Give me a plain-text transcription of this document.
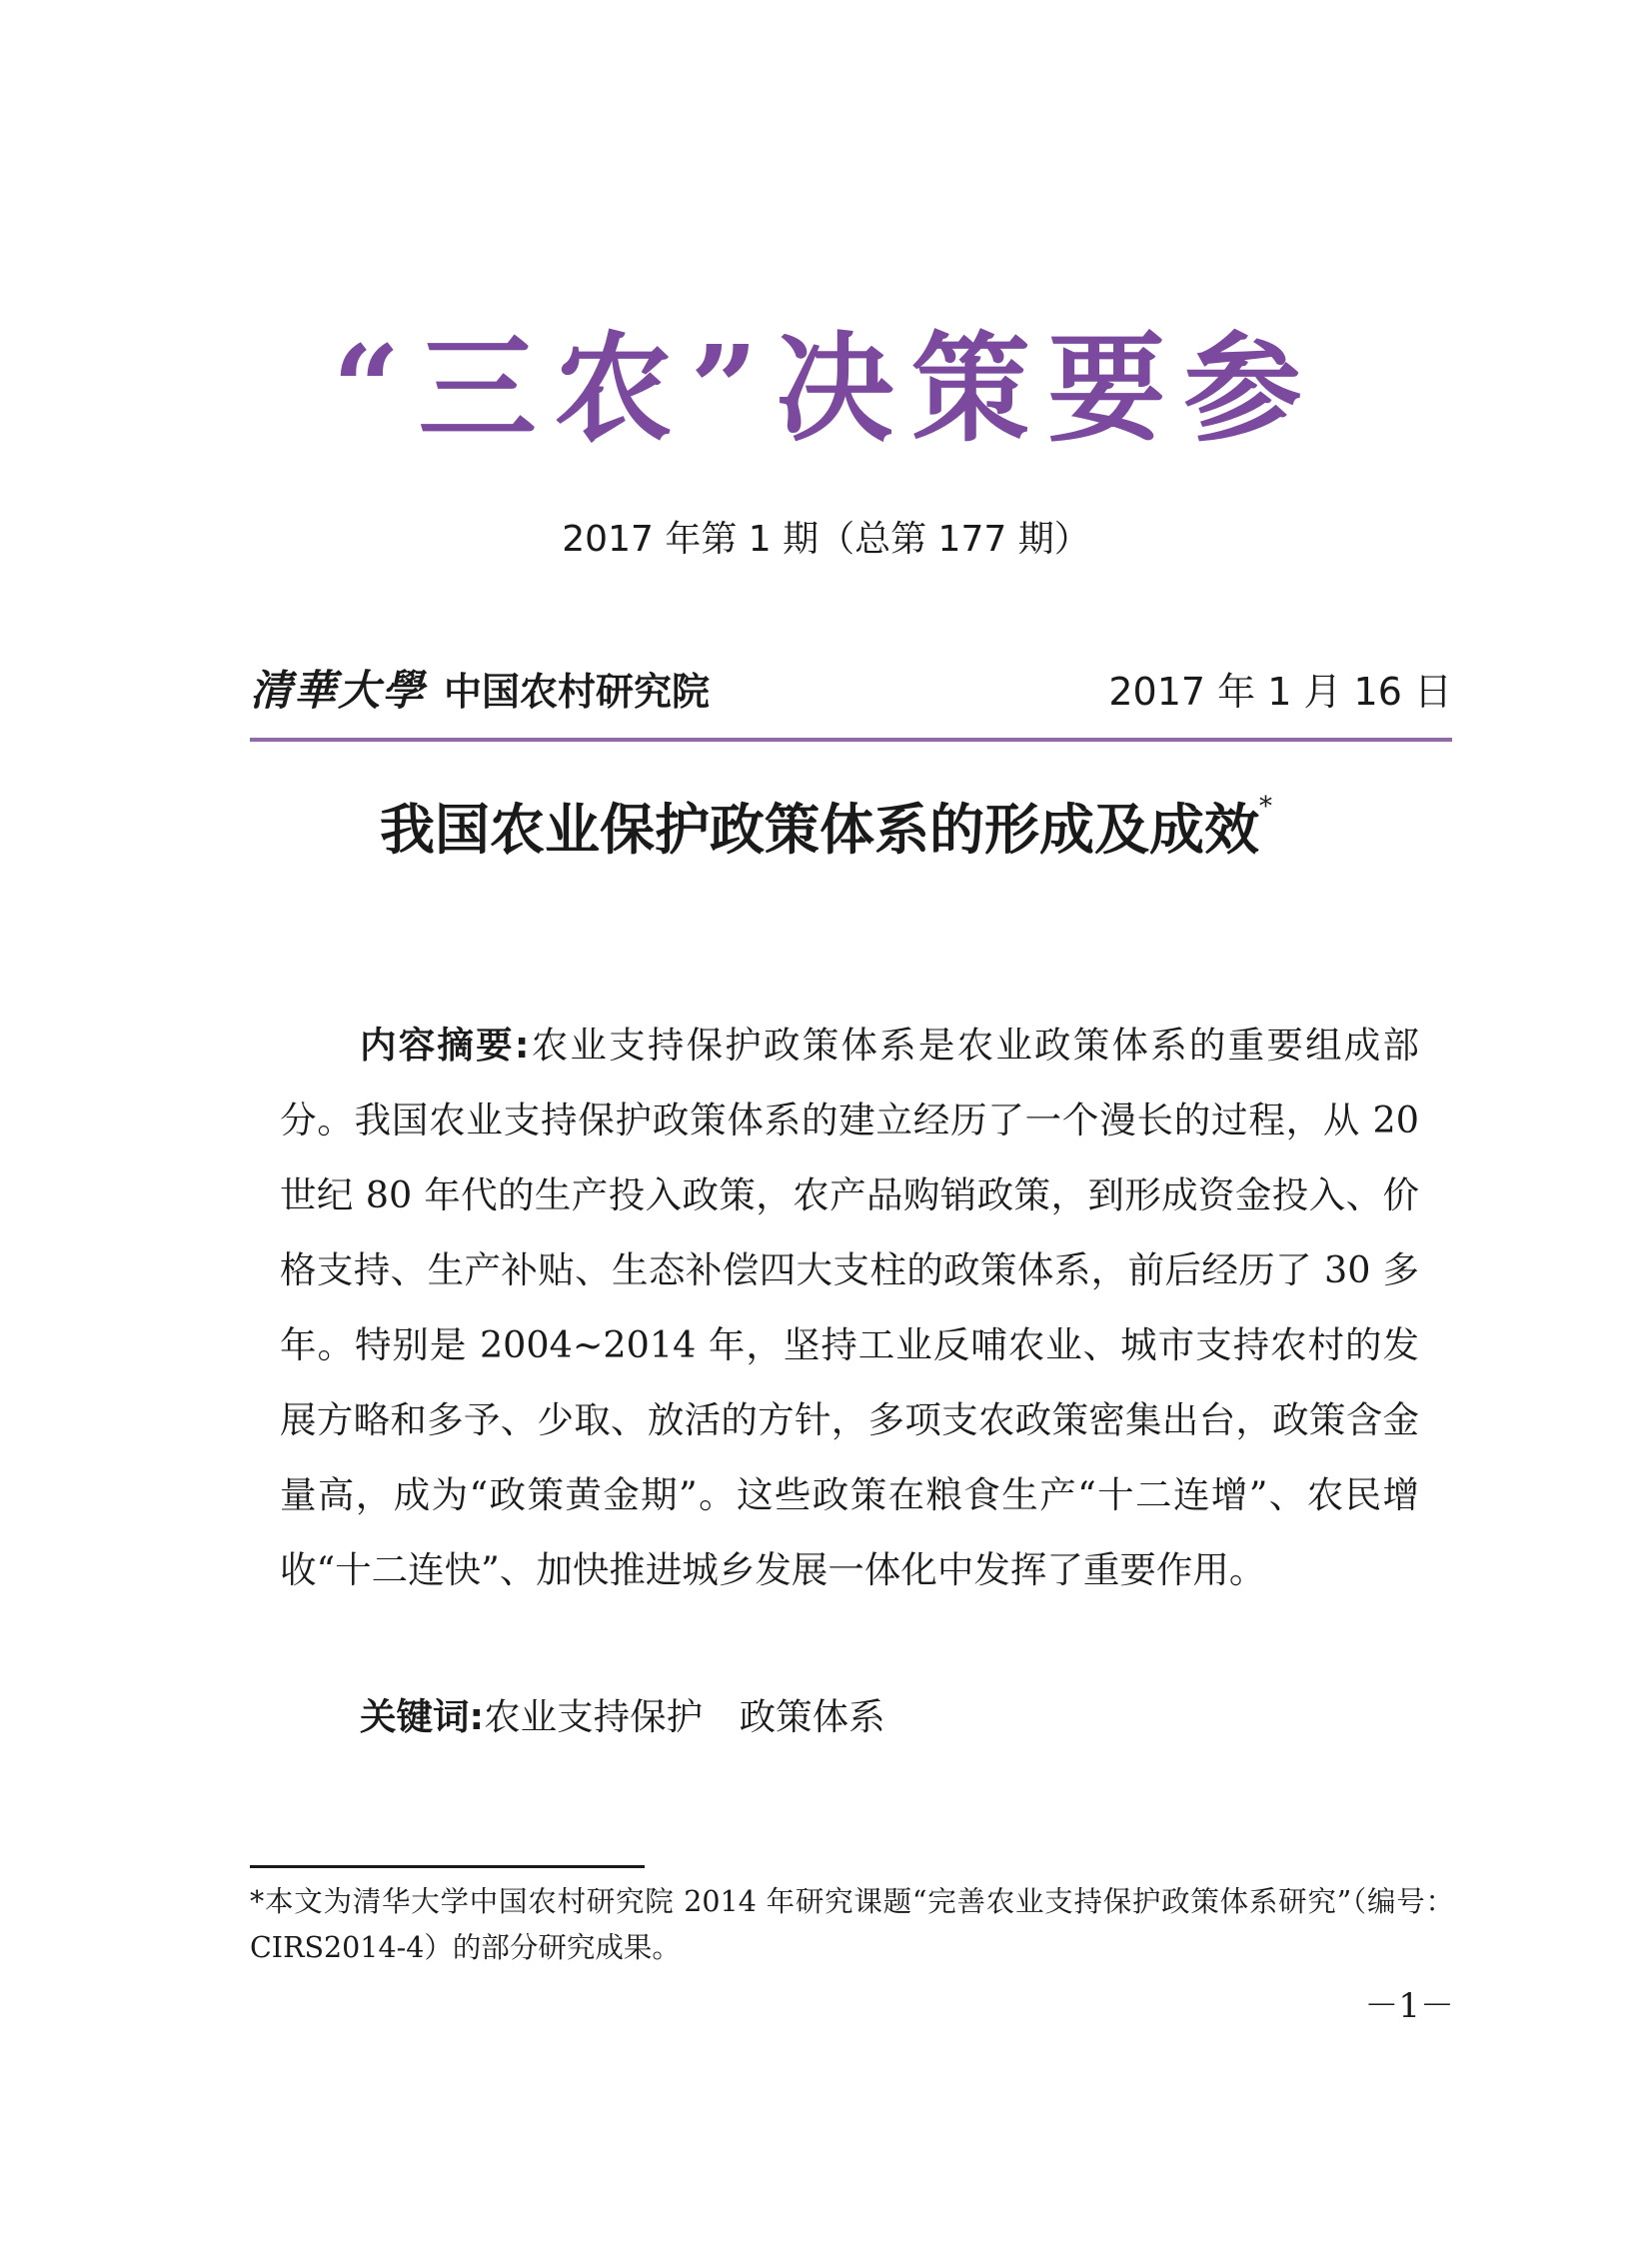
“三农”决策要参
2017 年第 1 期（总第 177 期）
清華大學 中国农村研究院	2017 年 1 月 16 日
我国农业保护政策体系的形成及成效*

内容摘要:农业支持保护政策体系是农业政策体系的重要组成部分。我国农业支持保护政策体系的建立经历了一个漫长的过程，从 20 世纪 80 年代的生产投入政策，农产品购销政策，到形成资金投入、价格支持、生产补贴、生态补偿四大支柱的政策体系，前后经历了 30 多年。特别是 2004~2014 年，坚持工业反哺农业、城市支持农村的发展方略和多予、少取、放活的方针，多项支农政策密集出台，政策含金量高，成为“政策黄金期”。这些政策在粮食生产“十二连增”、农民增收“十二连快”、加快推进城乡发展一体化中发挥了重要作用。

关键词:农业支持保护　政策体系

*本文为清华大学中国农村研究院 2014 年研究课题“完善农业支持保护政策体系研究”（编号：CIRS2014-4）的部分研究成果。

－1－
